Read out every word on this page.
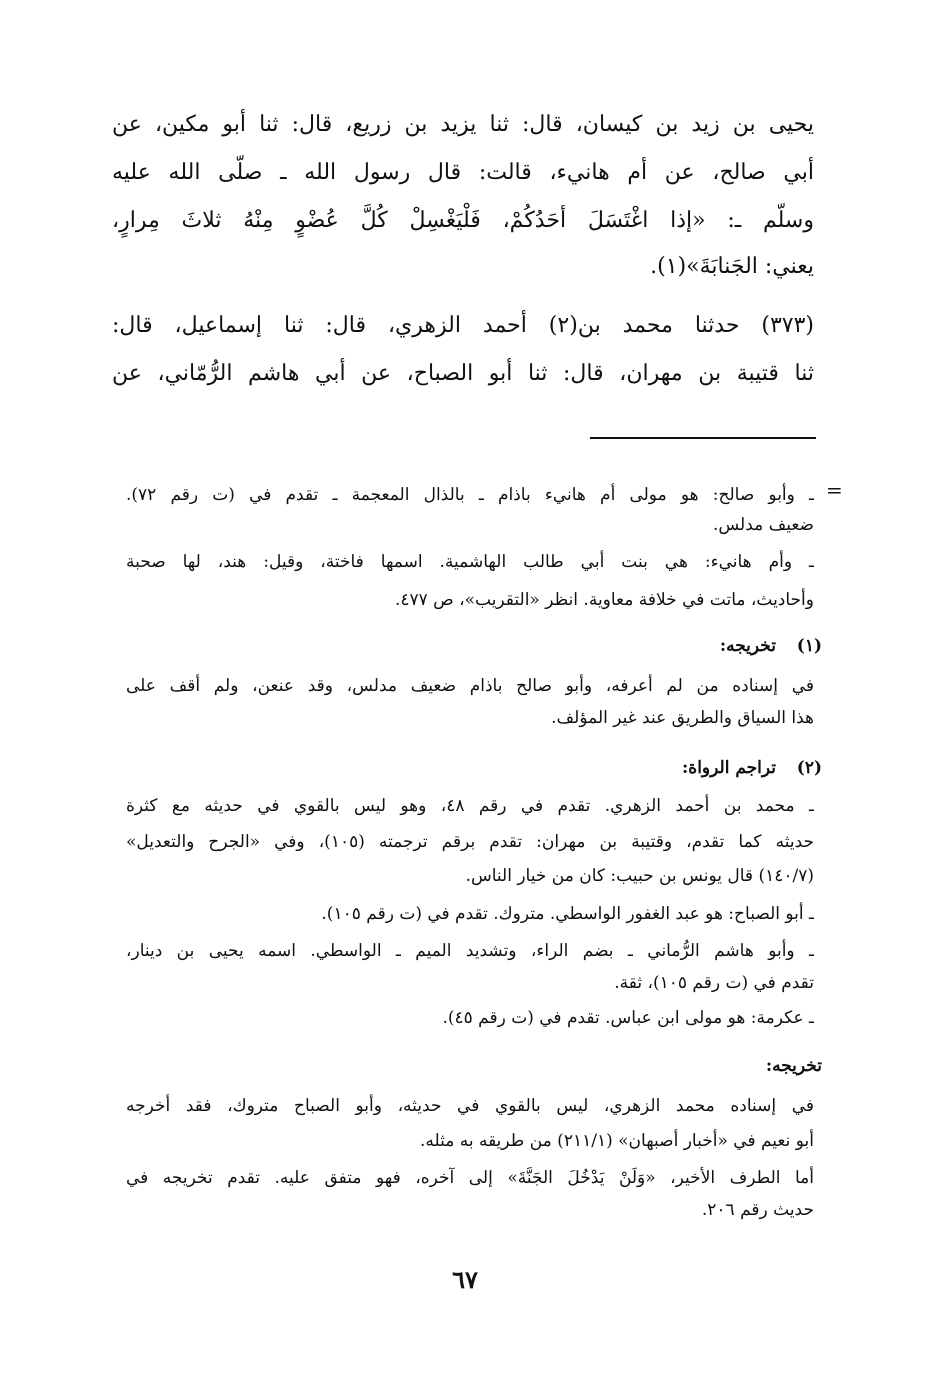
يحيى بن زيد بن كيسان، قال: ثنا يزيد بن زريع، قال: ثنا أبو مكين، عن
أبي صالح، عن أم هانيء، قالت: قال رسول الله ـ صلّى الله عليه
وسلّم ـ: «إذا اغْتَسَلَ أحَدُكُمْ، فَلْيَغْسِلْ كُلَّ عُضْوٍ مِنْهُ ثلاثَ مِرارٍ،
يعني: الجَنابَةَ»(١).
(٣٧٣) حدثنا محمد بن(٢) أحمد الزهري، قال: ثنا إسماعيل، قال:
ثنا قتيبة بن مهران، قال: ثنا أبو الصباح، عن أبي هاشم الرُّمّاني، عن
=
ـ وأبو صالح: هو مولى أم هانيء باذام ـ بالذال المعجمة ـ تقدم في (ت رقم ٧٢).
ضعيف مدلس.
ـ وأم هانيء: هي بنت أبي طالب الهاشمية. اسمها فاختة، وقيل: هند، لها صحبة
وأحاديث، ماتت في خلافة معاوية. انظر «التقريب»، ص ٤٧٧.
(١)
تخريجه:
في إسناده من لم أعرفه، وأبو صالح باذام ضعيف مدلس، وقد عنعن، ولم أقف على
هذا السياق والطريق عند غير المؤلف.
(٢)
تراجم الرواة:
ـ محمد بن أحمد الزهري. تقدم في رقم ٤٨، وهو ليس بالقوي في حديثه مع كثرة
حديثه كما تقدم، وقتيبة بن مهران: تقدم برقم ترجمته (١٠٥)، وفي «الجرح والتعديل»
(١٤٠/٧) قال يونس بن حبيب: كان من خيار الناس.
ـ أبو الصباح: هو عبد الغفور الواسطي. متروك. تقدم في (ت رقم ١٠٥).
ـ وأبو هاشم الرُّماني ـ بضم الراء، وتشديد الميم ـ الواسطي. اسمه يحيى بن دينار،
تقدم في (ت رقم ١٠٥)، ثقة.
ـ عكرمة: هو مولى ابن عباس. تقدم في (ت رقم ٤٥).
تخريجه:
في إسناده محمد الزهري، ليس بالقوي في حديثه، وأبو الصباح متروك، فقد أخرجه
أبو نعيم في «أخبار أصبهان» (٢١١/١) من طريقه به مثله.
أما الطرف الأخير، «وَلَنْ يَدْخُلَ الجَنَّةَ» إلى آخره، فهو متفق عليه. تقدم تخريجه في
حديث رقم ٢٠٦.
٦٧
